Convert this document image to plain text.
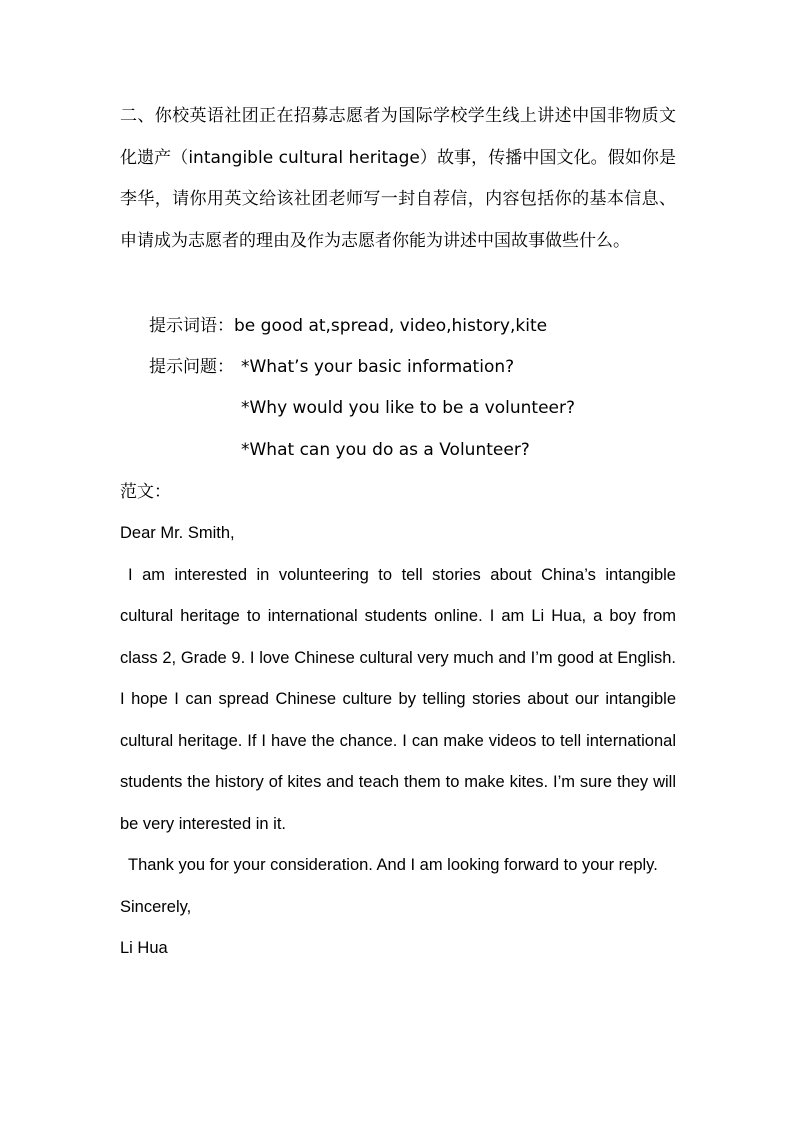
二、你校英语社团正在招募志愿者为国际学校学生线上讲述中国非物质文化遗产（intangible cultural heritage）故事，传播中国文化。假如你是李华，请你用英文给该社团老师写一封自荐信，内容包括你的基本信息、申请成为志愿者的理由及作为志愿者你能为讲述中国故事做些什么。
提示词语：be good at,spread, video,history,kite
提示问题： *What’s your basic information?
*Why would you like to be a volunteer?
*What can you do as a Volunteer?
范文：

Dear Mr. Smith,

I am interested in volunteering to tell stories about China’s intangible cultural heritage to international students online. I am Li Hua, a boy from class 2, Grade 9. I love Chinese cultural very much and I’m good at English. I hope I can spread Chinese culture by telling stories about our intangible cultural heritage. If I have the chance. I can make videos to tell international students the history of kites and teach them to make kites. I’m sure they will be very interested in it.

Thank you for your consideration. And I am looking forward to your reply.

Sincerely,

Li Hua
